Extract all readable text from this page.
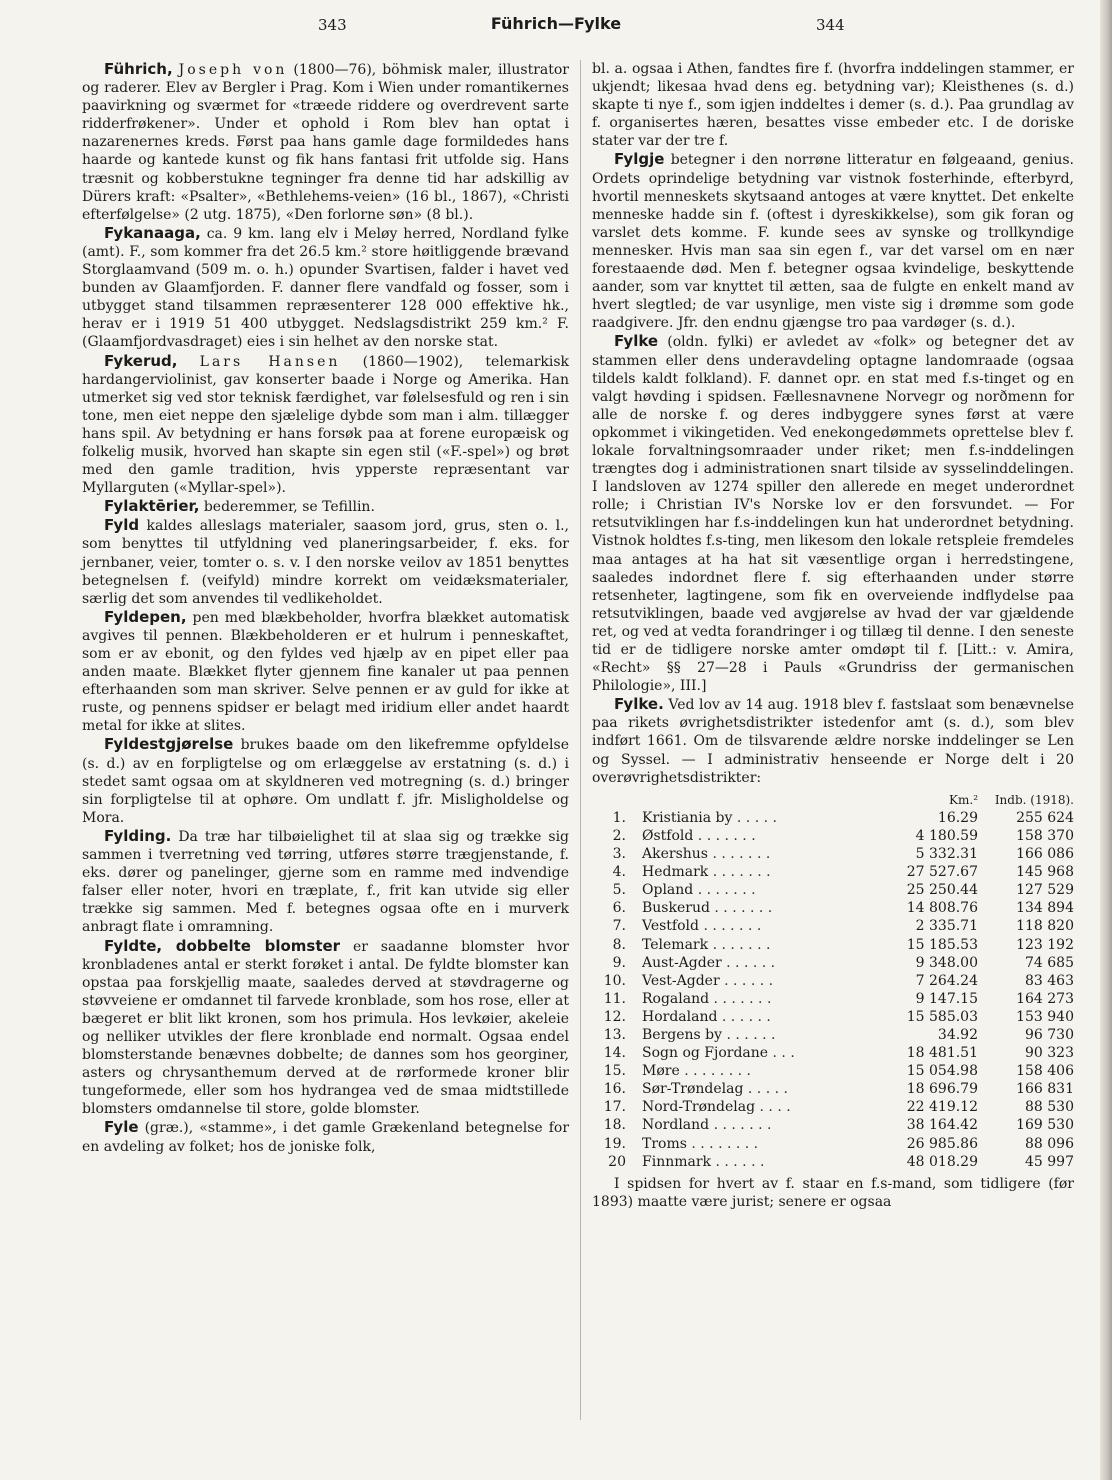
343	Führich—Fylke	344

Führich, Joseph von (1800—76), böhmisk maler, illustrator og raderer. Elev av Bergler i Prag. Kom i Wien under romantikernes paavirkning og sværmet for «træede riddere og overdrevent sarte ridderfrøkener». Under et ophold i Rom blev han optat i nazarenernes kreds. Først paa hans gamle dage formildedes hans haarde og kantede kunst og fik hans fantasi frit utfolde sig. Hans træsnit og kobberstukne tegninger fra denne tid har adskillig av Dürers kraft: «Psalter», «Bethlehems-veien» (16 bl., 1867), «Christi efterfølgelse» (2 utg. 1875), «Den forlorne søn» (8 bl.).

Fykanaaga, ca. 9 km. lang elv i Meløy herred, Nordland fylke (amt). F., som kommer fra det 26.5 km.² store høitliggende brævand Storglaamvand (509 m. o. h.) opunder Svartisen, falder i havet ved bunden av Glaamfjorden. F. danner flere vandfald og fosser, som i utbygget stand tilsammen repræsenterer 128 000 effektive hk., herav er i 1919 51 400 utbygget. Nedslagsdistrikt 259 km.² F. (Glaamfjordvasdraget) eies i sin helhet av den norske stat.

Fykerud, Lars Hansen (1860—1902), telemarkisk hardangerviolinist, gav konserter baade i Norge og Amerika. Han utmerket sig ved stor teknisk færdighet, var følelsesfuld og ren i sin tone, men eiet neppe den sjælelige dybde som man i alm. tillægger hans spil. Av betydning er hans forsøk paa at forene europæisk og folkelig musik, hvorved han skapte sin egen stil («F.-spel») og brøt med den gamle tradition, hvis ypperste repræsentant var Myllarguten («Myllar-spel»).

Fylaktērier, bederemmer, se Tefillin.

Fyld kaldes alleslags materialer, saasom jord, grus, sten o. l., som benyttes til utfyldning ved planeringsarbeider, f. eks. for jernbaner, veier, tomter o. s. v. I den norske veilov av 1851 benyttes betegnelsen f. (veifyld) mindre korrekt om veidæksmaterialer, særlig det som anvendes til vedlikeholdet.

Fyldepen, pen med blækbeholder, hvorfra blækket automatisk avgives til pennen. Blækbeholderen er et hulrum i penneskaftet, som er av ebonit, og den fyldes ved hjælp av en pipet eller paa anden maate. Blækket flyter gjennem fine kanaler ut paa pennen efterhaanden som man skriver. Selve pennen er av guld for ikke at ruste, og pennens spidser er belagt med iridium eller andet haardt metal for ikke at slites.

Fyldestgjørelse brukes baade om den likefremme opfyldelse (s. d.) av en forpligtelse og om erlæggelse av erstatning (s. d.) i stedet samt ogsaa om at skyldneren ved motregning (s. d.) bringer sin forpligtelse til at ophøre. Om undlatt f. jfr. Misligholdelse og Mora.

Fylding. Da træ har tilbøielighet til at slaa sig og trække sig sammen i tverretning ved tørring, utføres større trægjenstande, f. eks. dører og panelinger, gjerne som en ramme med indvendige falser eller noter, hvori en træplate, f., frit kan utvide sig eller trække sig sammen. Med f. betegnes ogsaa ofte en i murverk anbragt flate i omramning.

Fyldte, dobbelte blomster er saadanne blomster hvor kronbladenes antal er sterkt forøket i antal. De fyldte blomster kan opstaa paa forskjellig maate, saaledes derved at støvdragerne og støvveiene er omdannet til farvede kronblade, som hos rose, eller at bægeret er blit likt kronen, som hos primula. Hos levkøier, akeleie og nelliker utvikles der flere kronblade end normalt. Ogsaa endel blomsterstande benævnes dobbelte; de dannes som hos georginer, asters og chrysanthemum derved at de rørformede kroner blir tungeformede, eller som hos hydrangea ved de smaa midtstillede blomsters omdannelse til store, golde blomster.

Fyle (græ.), «stamme», i det gamle Grækenland betegnelse for en avdeling av folket; hos de joniske folk,

bl. a. ogsaa i Athen, fandtes fire f. (hvorfra inddelingen stammer, er ukjendt; likesaa hvad dens eg. betydning var); Kleisthenes (s. d.) skapte ti nye f., som igjen inddeltes i demer (s. d.). Paa grundlag av f. organisertes hæren, besattes visse embeder etc. I de doriske stater var der tre f.

Fylgje betegner i den norrøne litteratur en følgeaand, genius. Ordets oprindelige betydning var vistnok fosterhinde, efterbyrd, hvortil menneskets skytsaand antoges at være knyttet. Det enkelte menneske hadde sin f. (oftest i dyreskikkelse), som gik foran og varslet dets komme. F. kunde sees av synske og trollkyndige mennesker. Hvis man saa sin egen f., var det varsel om en nær forestaaende død. Men f. betegner ogsaa kvindelige, beskyttende aander, som var knyttet til ætten, saa de fulgte en enkelt mand av hvert slegtled; de var usynlige, men viste sig i drømme som gode raadgivere. Jfr. den endnu gjængse tro paa vardøger (s. d.).

Fylke (oldn. fylki) er avledet av «folk» og betegner det av stammen eller dens underavdeling optagne landomraade (ogsaa tildels kaldt folkland). F. dannet opr. en stat med f.s-tinget og en valgt høvding i spidsen. Fællesnavnene Norvegr og norðmenn for alle de norske f. og deres indbyggere synes først at være opkommet i vikingetiden. Ved enekongedømmets oprettelse blev f. lokale forvaltningsomraader under riket; men f.s-inddelingen trængtes dog i administrationen snart tilside av sysselinddelingen. I landsloven av 1274 spiller den allerede en meget underordnet rolle; i Christian IV's Norske lov er den forsvundet. — For retsutviklingen har f.s-inddelingen kun hat underordnet betydning. Vistnok holdtes f.s-ting, men likesom den lokale retspleie fremdeles maa antages at ha hat sit væsentlige organ i herredstingene, saaledes indordnet flere f. sig efterhaanden under større retsenheter, lagtingene, som fik en overveiende indflydelse paa retsutviklingen, baade ved avgjørelse av hvad der var gjældende ret, og ved at vedta forandringer i og tillæg til denne. I den seneste tid er de tidligere norske amter omdøpt til f. [Litt.: v. Amira, «Recht» §§ 27—28 i Pauls «Grundriss der germanischen Philologie», III.]

Fylke. Ved lov av 14 aug. 1918 blev f. fastslaat som benævnelse paa rikets øvrighetsdistrikter istedenfor amt (s. d.), som blev indført 1661. Om de tilsvarende ældre norske inddelinger se Len og Syssel. — I administrativ henseende er Norge delt i 20 overøvrighetsdistrikter:

		Km.²	Indb. (1918).
1.	Kristiania by . . . . .	16.29	255 624
2.	Østfold . . . . . . .	4 180.59	158 370
3.	Akershus . . . . . . .	5 332.31	166 086
4.	Hedmark . . . . . . .	27 527.67	145 968
5.	Opland . . . . . . .	25 250.44	127 529
6.	Buskerud . . . . . . .	14 808.76	134 894
7.	Vestfold . . . . . . .	2 335.71	118 820
8.	Telemark . . . . . . .	15 185.53	123 192
9.	Aust-Agder . . . . . .	9 348.00	74 685
10.	Vest-Agder . . . . . .	7 264.24	83 463
11.	Rogaland . . . . . . .	9 147.15	164 273
12.	Hordaland . . . . . .	15 585.03	153 940
13.	Bergens by . . . . . .	34.92	96 730
14.	Sogn og Fjordane . . .	18 481.51	90 323
15.	Møre . . . . . . . .	15 054.98	158 406
16.	Sør-Trøndelag . . . . .	18 696.79	166 831
17.	Nord-Trøndelag . . . .	22 419.12	88 530
18.	Nordland . . . . . . .	38 164.42	169 530
19.	Troms . . . . . . . .	26 985.86	88 096
20	Finnmark . . . . . .	48 018.29	45 997

I spidsen for hvert av f. staar en f.s-mand, som tidligere (før 1893) maatte være jurist; senere er ogsaa
